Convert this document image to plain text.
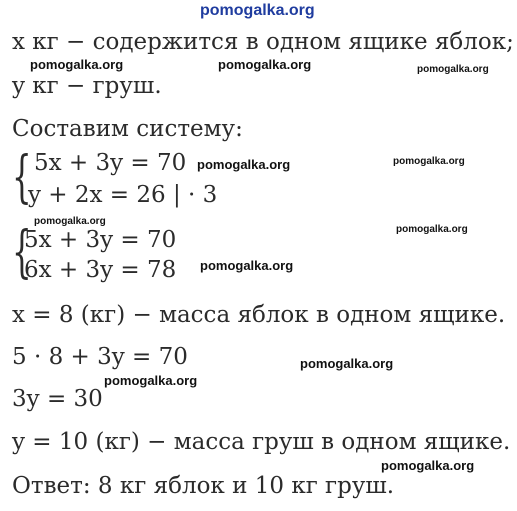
pomogalka.org
pomogalka.org	pomogalka.org	pomogalka.org
pomogalka.org	pomogalka.org
pomogalka.org
pomogalka.org
pomogalka.org
pomogalka.org
pomogalka.org
pomogalka.org
x кг − содержится в одном ящике яблок;
y кг − груш.
Составим систему:
{ 5x + 3y = 70
y + 2x = 26 | · 3
{
5x + 3y = 70
6x + 3y = 78
x = 8 (кг) − масса яблок в одном ящике.
5 · 8 + 3y = 70
3y = 30
y = 10 (кг) − масса груш в одном ящике.
Ответ: 8 кг яблок и 10 кг груш.
